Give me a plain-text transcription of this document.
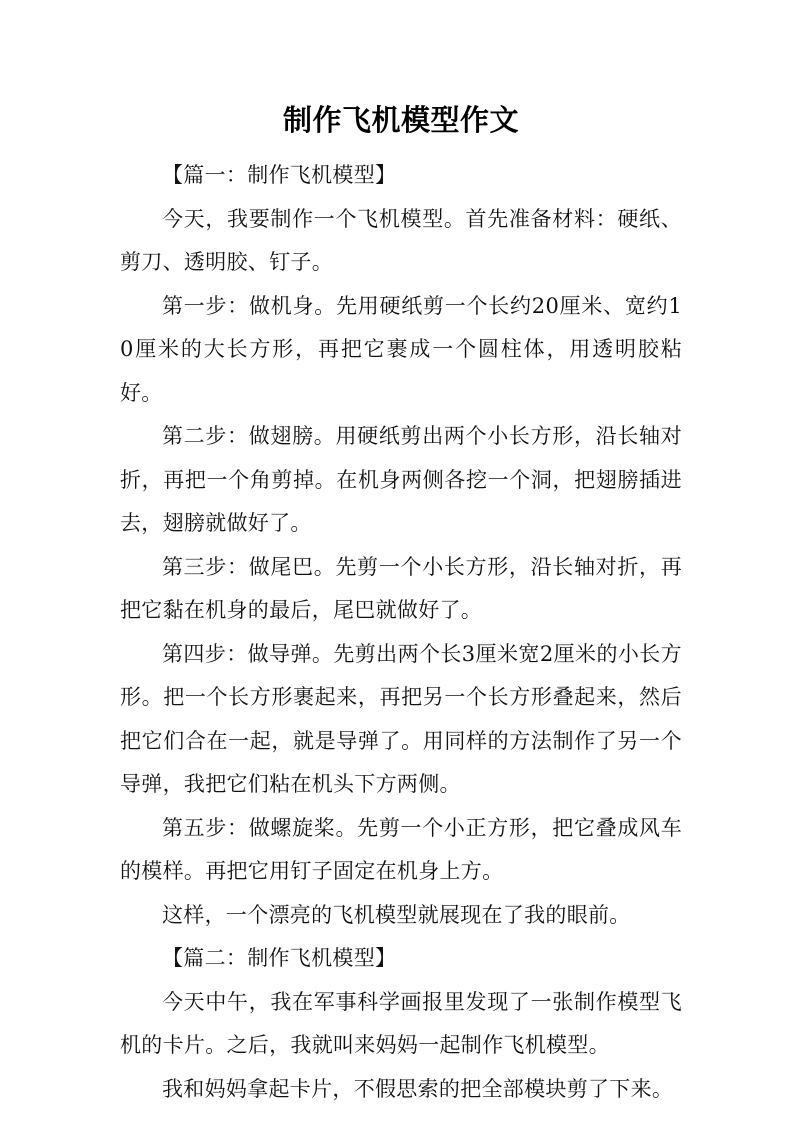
制作飞机模型作文

【篇一：制作飞机模型】

今天，我要制作一个飞机模型。首先准备材料：硬纸、剪刀、透明胶、钉子。

第一步：做机身。先用硬纸剪一个长约20厘米、宽约10厘米的大长方形，再把它裹成一个圆柱体，用透明胶粘好。

第二步：做翅膀。用硬纸剪出两个小长方形，沿长轴对折，再把一个角剪掉。在机身两侧各挖一个洞，把翅膀插进去，翅膀就做好了。

第三步：做尾巴。先剪一个小长方形，沿长轴对折，再把它黏在机身的最后，尾巴就做好了。

第四步：做导弹。先剪出两个长3厘米宽2厘米的小长方形。把一个长方形裹起来，再把另一个长方形叠起来，然后把它们合在一起，就是导弹了。用同样的方法制作了另一个导弹，我把它们粘在机头下方两侧。

第五步：做螺旋桨。先剪一个小正方形，把它叠成风车的模样。再把它用钉子固定在机身上方。

这样，一个漂亮的飞机模型就展现在了我的眼前。

【篇二：制作飞机模型】

今天中午，我在军事科学画报里发现了一张制作模型飞机的卡片。之后，我就叫来妈妈一起制作飞机模型。

我和妈妈拿起卡片，不假思索的把全部模块剪了下来。
